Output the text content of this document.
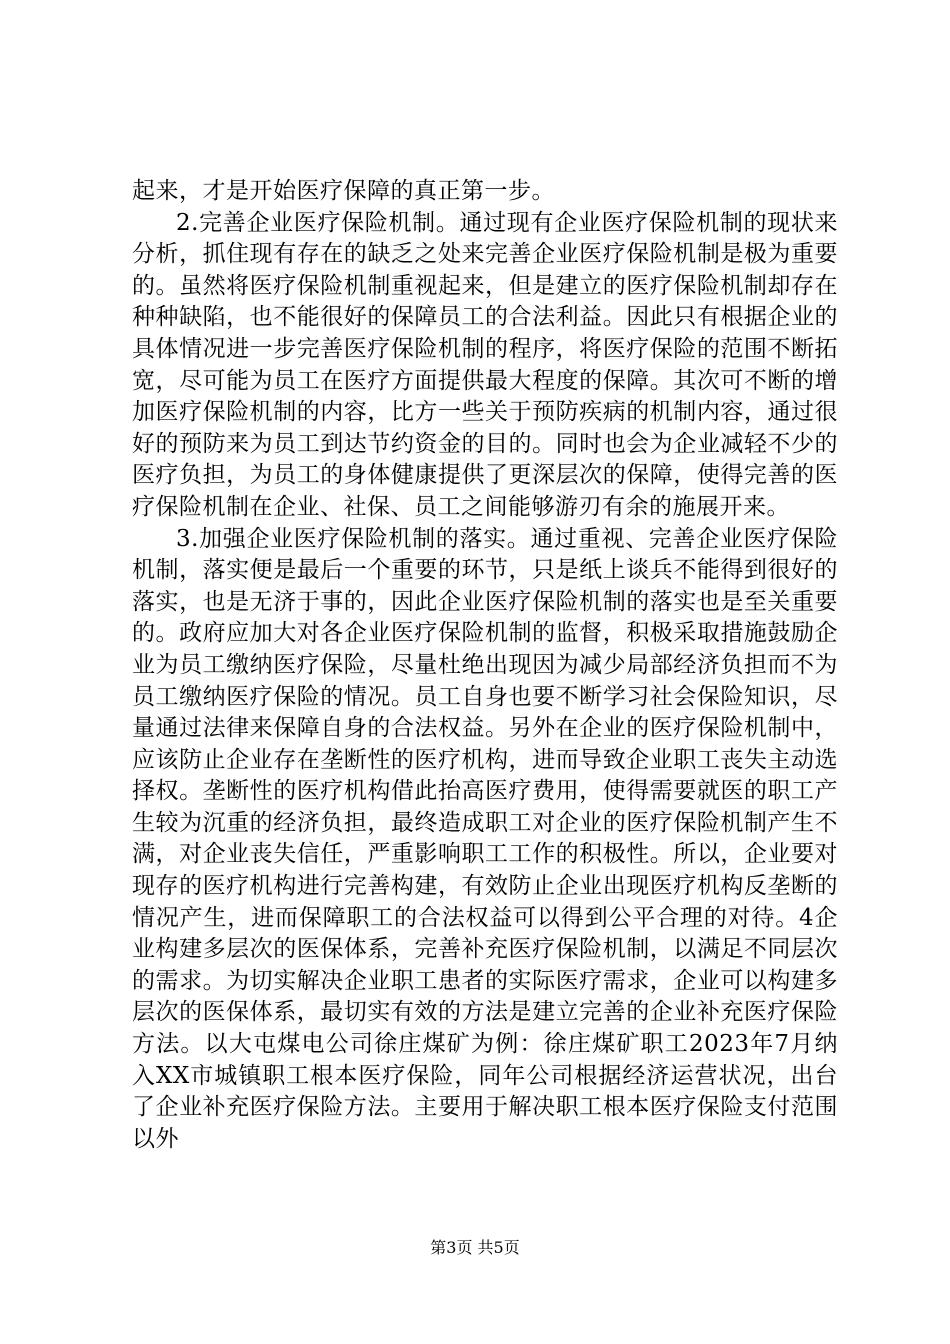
起来，才是开始医疗保障的真正第一步。

2.完善企业医疗保险机制。通过现有企业医疗保险机制的现状来分析，抓住现有存在的缺乏之处来完善企业医疗保险机制是极为重要的。虽然将医疗保险机制重视起来，但是建立的医疗保险机制却存在种种缺陷，也不能很好的保障员工的合法利益。因此只有根据企业的具体情况进一步完善医疗保险机制的程序，将医疗保险的范围不断拓宽，尽可能为员工在医疗方面提供最大程度的保障。其次可不断的增加医疗保险机制的内容，比方一些关于预防疾病的机制内容，通过很好的预防来为员工到达节约资金的目的。同时也会为企业减轻不少的医疗负担，为员工的身体健康提供了更深层次的保障，使得完善的医疗保险机制在企业、社保、员工之间能够游刃有余的施展开来。

3.加强企业医疗保险机制的落实。通过重视、完善企业医疗保险机制，落实便是最后一个重要的环节，只是纸上谈兵不能得到很好的落实，也是无济于事的，因此企业医疗保险机制的落实也是至关重要的。政府应加大对各企业医疗保险机制的监督，积极采取措施鼓励企业为员工缴纳医疗保险，尽量杜绝出现因为减少局部经济负担而不为员工缴纳医疗保险的情况。员工自身也要不断学习社会保险知识，尽量通过法律来保障自身的合法权益。另外在企业的医疗保险机制中，应该防止企业存在垄断性的医疗机构，进而导致企业职工丧失主动选择权。垄断性的医疗机构借此抬高医疗费用，使得需要就医的职工产生较为沉重的经济负担，最终造成职工对企业的医疗保险机制产生不满，对企业丧失信任，严重影响职工工作的积极性。所以，企业要对现存的医疗机构进行完善构建，有效防止企业出现医疗机构反垄断的情况产生，进而保障职工的合法权益可以得到公平合理的对待。4企业构建多层次的医保体系，完善补充医疗保险机制，以满足不同层次的需求。为切实解决企业职工患者的实际医疗需求，企业可以构建多层次的医保体系，最切实有效的方法是建立完善的企业补充医疗保险方法。以大屯煤电公司徐庄煤矿为例：徐庄煤矿职工2023年7月纳入XX市城镇职工根本医疗保险，同年公司根据经济运营状况，出台了企业补充医疗保险方法。主要用于解决职工根本医疗保险支付范围以外

第3页 共5页
